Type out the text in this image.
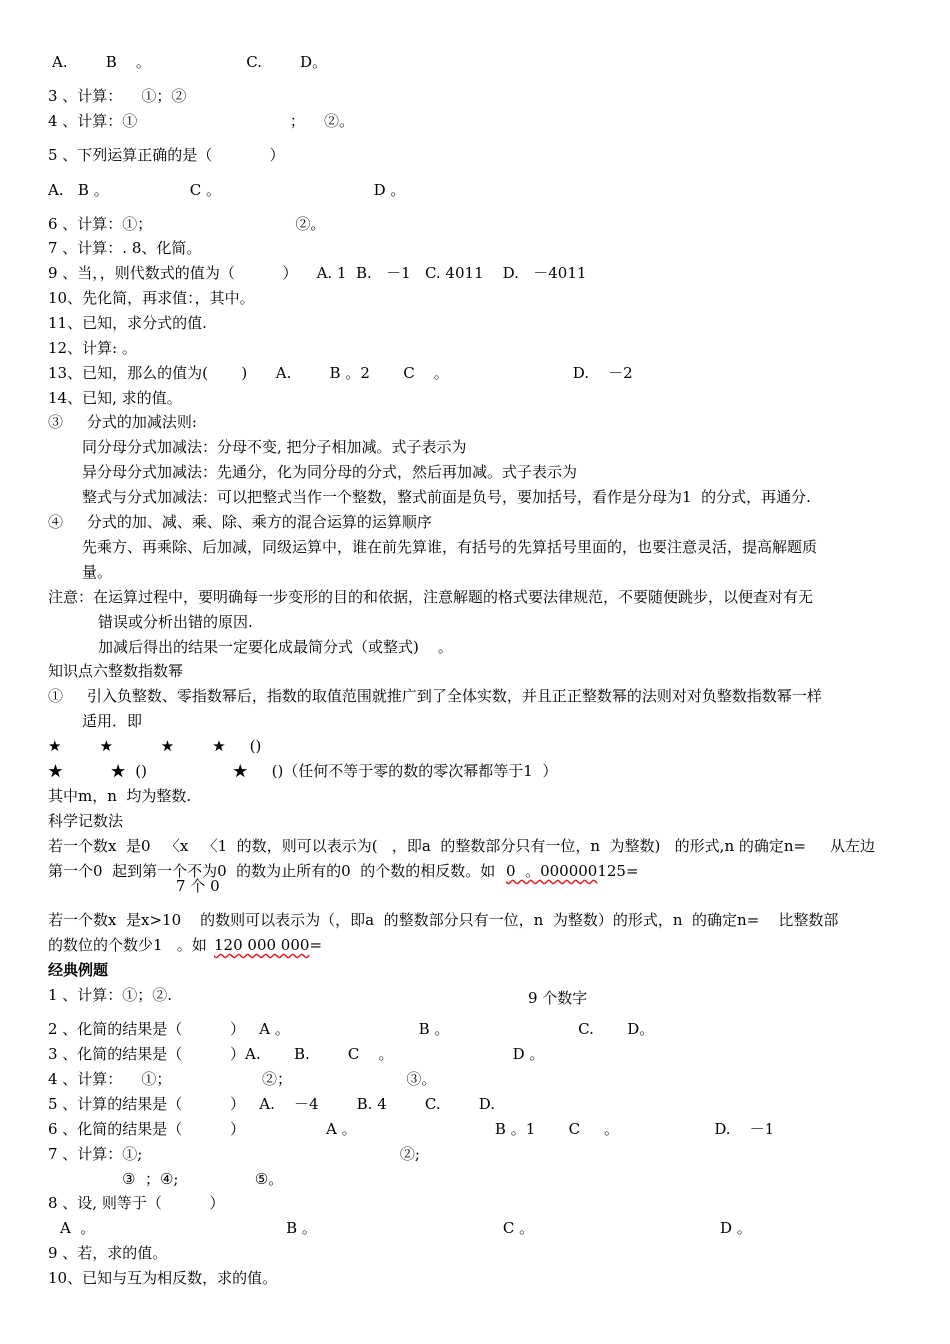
A.        B    。                    C.        D。
3 、计算：    ①；②
4 、计算：①                                ；    ②。
5 、下列运算正确的是（            ）
A.   B 。                 C 。                                D 。
6 、计算：①；                              ②。
7 、计算：. 8、化简。
9 、当，，则代数式的值为（          ）    A. 1  B.   －1   C. 4011    D.   －4011
10、先化简，再求值：，其中。
11、已知，求分式的值.
12、计算: 。
13、已知，那么的值为(       )      A.        B 。2       C    。                          D.    －2
14、已知, 求的值。
③     分式的加减法则:
同分母分式加减法：分母不变, 把分子相加减。式子表示为
异分母分式加减法：先通分，化为同分母的分式，然后再加减。式子表示为
整式与分式加减法：可以把整式当作一个整数，整式前面是负号，要加括号，看作是分母为1  的分式，再通分.
④     分式的加、减、乘、除、乘方的混合运算的运算顺序
先乘方、再乘除、后加减，同级运算中，谁在前先算谁，有括号的先算括号里面的，也要注意灵活，提高解题质
量。
注意：在运算过程中，要明确每一步变形的目的和依据，注意解题的格式要法律规范，不要随便跳步，以便查对有无
错误或分析出错的原因.
加减后得出的结果一定要化成最简分式（或整式)    。
知识点六整数指数幂
①     引入负整数、零指数幂后，指数的取值范围就推广到了全体实数，并且正正整数幂的法则对对负整数指数幂一样
适用．即
★        ★          ★        ★     ()
★          ★  ()                  ★     ()（任何不等于零的数的零次幂都等于1  ）
其中m，n  均为整数.
科学记数法
若一个数x  是0   〈x   〈1  的数，则可以表示为(   ，即a  的整数部分只有一位，n  为整数)   的形式,n 的确定n=     从左边
第一个0  起到第一个不为0  的数为止所有的0  的个数的相反数。如
7 个 0
若一个数x  是x>10    的数则可以表示为（，即a  的整数部分只有一位，n  为整数）的形式，n  的确定n=    比整数部
的数位的个数少1   。如
1 、计算：①；②.	9 个数字
2 、化简的结果是（          ）   A 。                           B 。                           C.       D。
3 、化简的结果是（          ）A.       B.        C    。                         D 。
4 、计算：    ①；                   ②；                        ③。
5 、计算的结果是（          ）   A.    －4        B. 4        C.        D.
6 、化简的结果是（          ）                 A 。                             B 。1       C     。                    D.    －1
7 、计算：①;                                                      ②;
③  ；④;                ⑤。
8 、设, 则等于（          ）
A  。                                        B 。                                       C 。                                       D 。
9 、若，求的值。
10、已知与互为相反数，求的值。
0  。000000125=
120 000 000=
经典例题
